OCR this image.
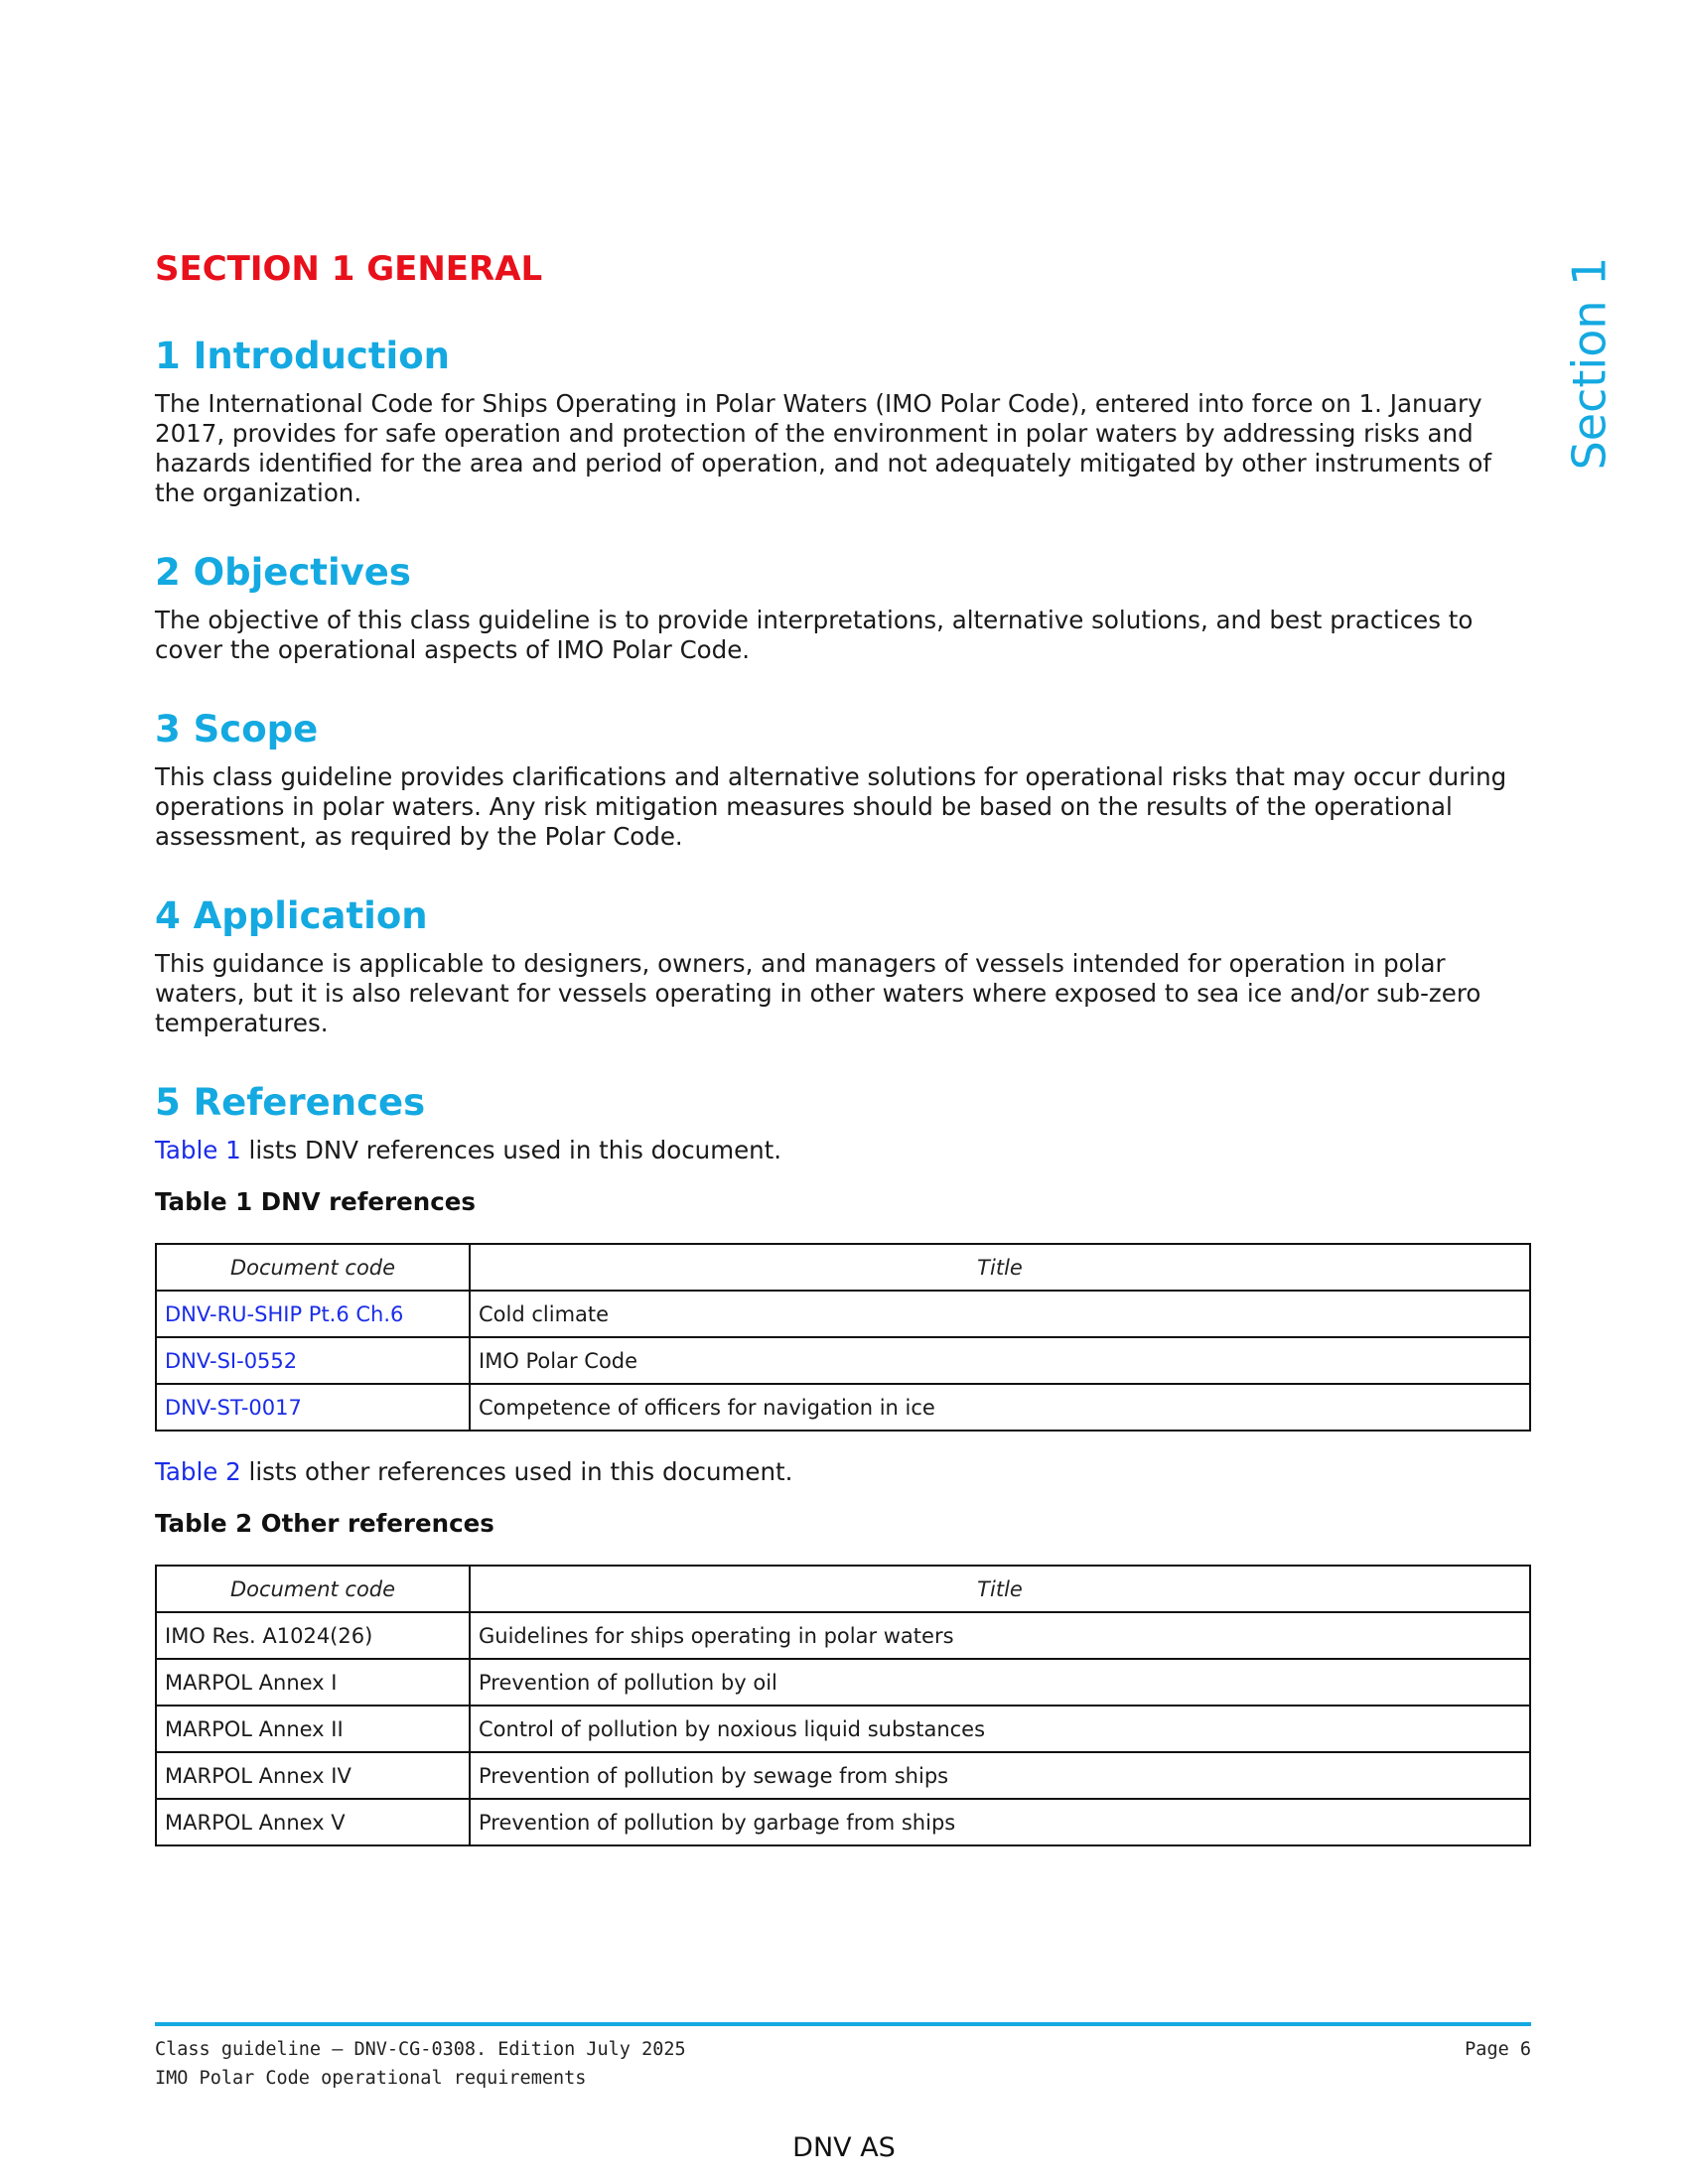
Section 1
SECTION 1 GENERAL
1 Introduction

The International Code for Ships Operating in Polar Waters (IMO Polar Code), entered into force on 1. January 2017, provides for safe operation and protection of the environment in polar waters by addressing risks and hazards identified for the area and period of operation, and not adequately mitigated by other instruments of the organization.

2 Objectives

The objective of this class guideline is to provide interpretations, alternative solutions, and best practices to cover the operational aspects of IMO Polar Code.

3 Scope

This class guideline provides clarifications and alternative solutions for operational risks that may occur during operations in polar waters. Any risk mitigation measures should be based on the results of the operational assessment, as required by the Polar Code.

4 Application

This guidance is applicable to designers, owners, and managers of vessels intended for operation in polar waters, but it is also relevant for vessels operating in other waters where exposed to sea ice and/or sub-zero temperatures.

5 References

Table 1 lists DNV references used in this document.

Table 1 DNV references
Document code	Title
DNV-RU-SHIP Pt.6 Ch.6	Cold climate
DNV-SI-0552	IMO Polar Code
DNV-ST-0017	Competence of officers for navigation in ice

Table 2 lists other references used in this document.

Table 2 Other references
Document code	Title
IMO Res. A1024(26)	Guidelines for ships operating in polar waters
MARPOL Annex I	Prevention of pollution by oil
MARPOL Annex II	Control of pollution by noxious liquid substances
MARPOL Annex IV	Prevention of pollution by sewage from ships
MARPOL Annex V	Prevention of pollution by garbage from ships
Class guideline — DNV-CG-0308. Edition July 2025	Page 6
IMO Polar Code operational requirements
DNV AS
